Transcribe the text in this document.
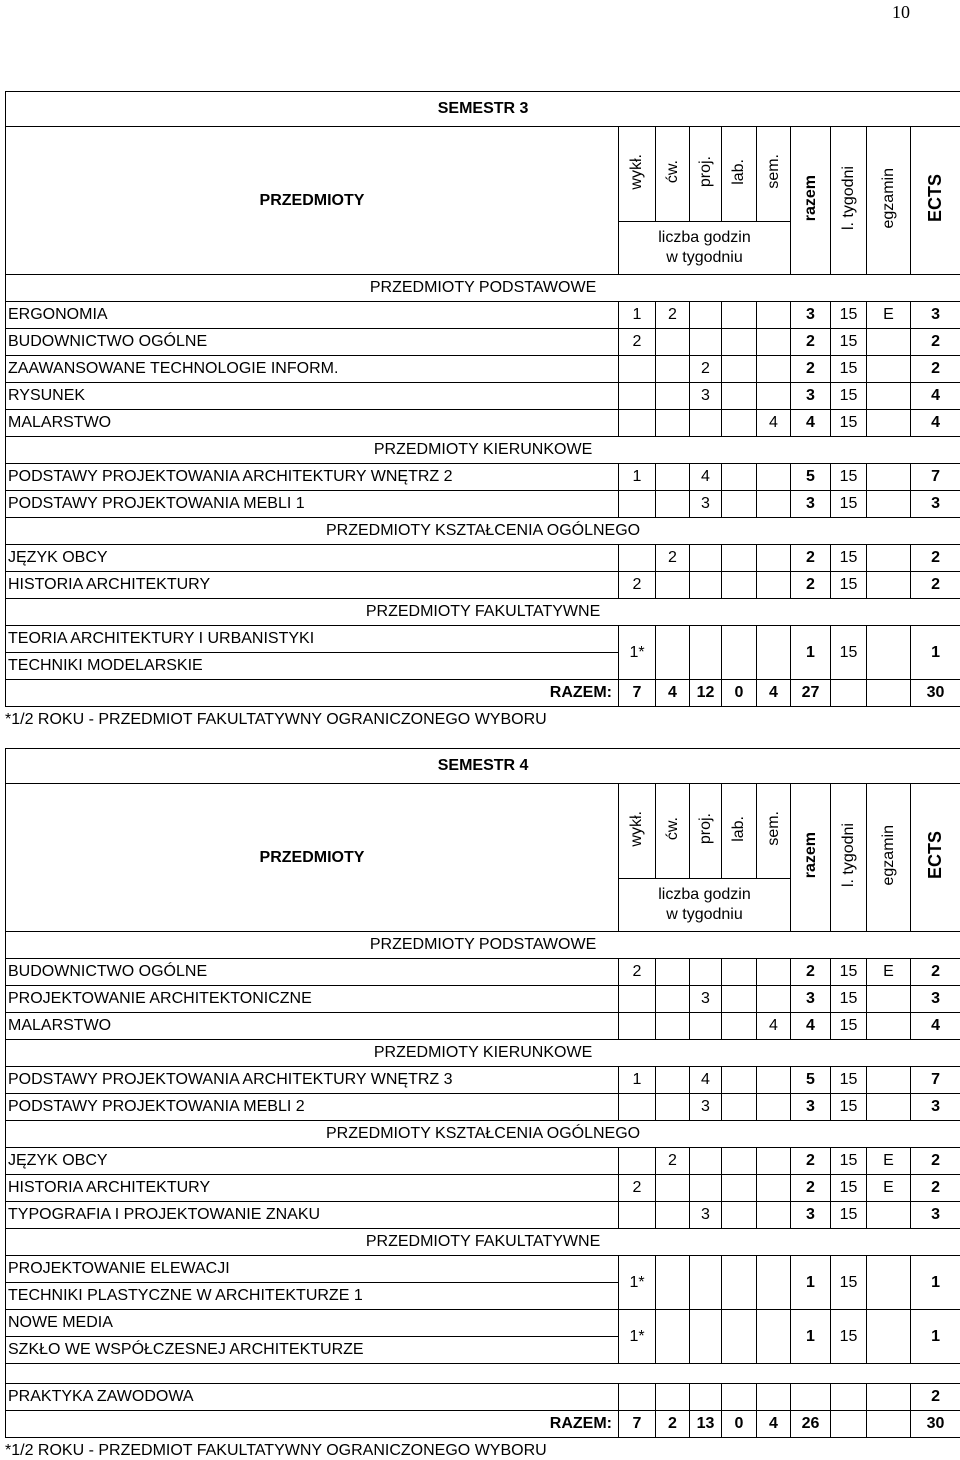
10
SEMESTR 3									
PRZEDMIOTY	wykł.	ćw.	proj.	lab.	sem.	razem	l. tygodni	egzamin	ECTS
	liczba godzin
w tygodniu								
PRZEDMIOTY PODSTAWOWE									
ERGONOMIA	1	2				3	15	E	3
BUDOWNICTWO OGÓLNE	2					2	15		2
ZAAWANSOWANE TECHNOLOGIE INFORM.			2			2	15		2
RYSUNEK			3			3	15		4
MALARSTWO					4	4	15		4
PRZEDMIOTY KIERUNKOWE									
PODSTAWY PROJEKTOWANIA ARCHITEKTURY WNĘTRZ 2	1		4			5	15		7
PODSTAWY PROJEKTOWANIA MEBLI 1			3			3	15		3
PRZEDMIOTY KSZTAŁCENIA OGÓLNEGO									
JĘZYK OBCY		2				2	15		2
HISTORIA ARCHITEKTURY	2					2	15		2
PRZEDMIOTY FAKULTATYWNE									
TEORIA ARCHITEKTURY I URBANISTYKI	1*					1	15		1
TECHNIKI MODELARSKIE									
RAZEM:	7	4	12	0	4	27			30
*1/2 ROKU - PRZEDMIOT FAKULTATYWNY OGRANICZONEGO WYBORU
SEMESTR 4									
PRZEDMIOTY	wykł.	ćw.	proj.	lab.	sem.	razem	l. tygodni	egzamin	ECTS
	liczba godzin
w tygodniu								
PRZEDMIOTY PODSTAWOWE									
BUDOWNICTWO OGÓLNE	2					2	15	E	2
PROJEKTOWANIE ARCHITEKTONICZNE			3			3	15		3
MALARSTWO					4	4	15		4
PRZEDMIOTY KIERUNKOWE									
PODSTAWY PROJEKTOWANIA ARCHITEKTURY WNĘTRZ 3	1		4			5	15		7
PODSTAWY PROJEKTOWANIA MEBLI 2			3			3	15		3
PRZEDMIOTY KSZTAŁCENIA OGÓLNEGO									
JĘZYK OBCY		2				2	15	E	2
HISTORIA ARCHITEKTURY	2					2	15	E	2
TYPOGRAFIA I PROJEKTOWANIE ZNAKU			3			3	15		3
PRZEDMIOTY FAKULTATYWNE									
PROJEKTOWANIE ELEWACJI	1*					1	15		1
TECHNIKI PLASTYCZNE W ARCHITEKTURZE 1									
NOWE MEDIA	1*					1	15		1
SZKŁO WE WSPÓŁCZESNEJ ARCHITEKTURZE									

PRAKTYKA ZAWODOWA									2
RAZEM:	7	2	13	0	4	26			30
*1/2 ROKU - PRZEDMIOT FAKULTATYWNY OGRANICZONEGO WYBORU
